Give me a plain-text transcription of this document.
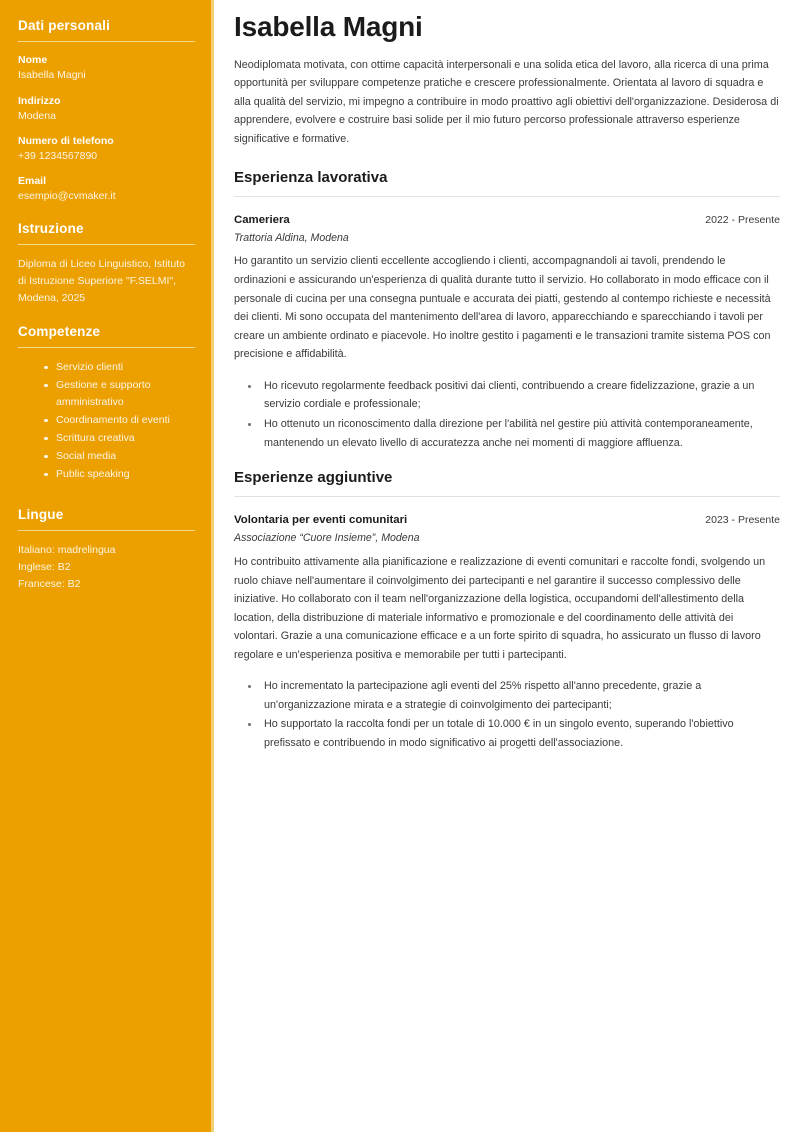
Dati personali
Nome
Isabella Magni
Indirizzo
Modena
Numero di telefono
+39 1234567890
Email
esempio@cvmaker.it
Istruzione
Diploma di Liceo Linguistico, Istituto di Istruzione Superiore "F.SELMI", Modena, 2025
Competenze
Servizio clienti
Gestione e supporto amministrativo
Coordinamento di eventi
Scrittura creativa
Social media
Public speaking
Lingue
Italiano: madrelingua
Inglese: B2
Francese: B2
Isabella Magni

Neodiplomata motivata, con ottime capacità interpersonali e una solida etica del lavoro, alla ricerca di una prima opportunità per sviluppare competenze pratiche e crescere professionalmente. Orientata al lavoro di squadra e alla qualità del servizio, mi impegno a contribuire in modo proattivo agli obiettivi dell'organizzazione. Desiderosa di apprendere, evolvere e costruire basi solide per il mio futuro percorso professionale attraverso esperienze significative e formative.

Esperienza lavorativa
Cameriera	2022 - Presente
Trattoria Aldina, Modena

Ho garantito un servizio clienti eccellente accogliendo i clienti, accompagnandoli ai tavoli, prendendo le ordinazioni e assicurando un'esperienza di qualità durante tutto il servizio. Ho collaborato in modo efficace con il personale di cucina per una consegna puntuale e accurata dei piatti, gestendo al contempo richieste e necessità dei clienti. Mi sono occupata del mantenimento dell'area di lavoro, apparecchiando e sparecchiando i tavoli per creare un ambiente ordinato e piacevole. Ho inoltre gestito i pagamenti e le transazioni tramite sistema POS con precisione e affidabilità.

Ho ricevuto regolarmente feedback positivi dai clienti, contribuendo a creare fidelizzazione, grazie a un servizio cordiale e professionale;
Ho ottenuto un riconoscimento dalla direzione per l'abilità nel gestire più attività contemporaneamente, mantenendo un elevato livello di accuratezza anche nei momenti di maggiore affluenza.
Esperienze aggiuntive
Volontaria per eventi comunitari	2023 - Presente
Associazione “Cuore Insieme”, Modena

Ho contribuito attivamente alla pianificazione e realizzazione di eventi comunitari e raccolte fondi, svolgendo un ruolo chiave nell'aumentare il coinvolgimento dei partecipanti e nel garantire il successo complessivo delle iniziative. Ho collaborato con il team nell'organizzazione della logistica, occupandomi dell'allestimento della location, della distribuzione di materiale informativo e promozionale e del coordinamento delle attività dei volontari. Grazie a una comunicazione efficace e a un forte spirito di squadra, ho assicurato un flusso di lavoro regolare e un'esperienza positiva e memorabile per tutti i partecipanti.

Ho incrementato la partecipazione agli eventi del 25% rispetto all'anno precedente, grazie a un'organizzazione mirata e a strategie di coinvolgimento dei partecipanti;
Ho supportato la raccolta fondi per un totale di 10.000 € in un singolo evento, superando l'obiettivo prefissato e contribuendo in modo significativo ai progetti dell'associazione.
